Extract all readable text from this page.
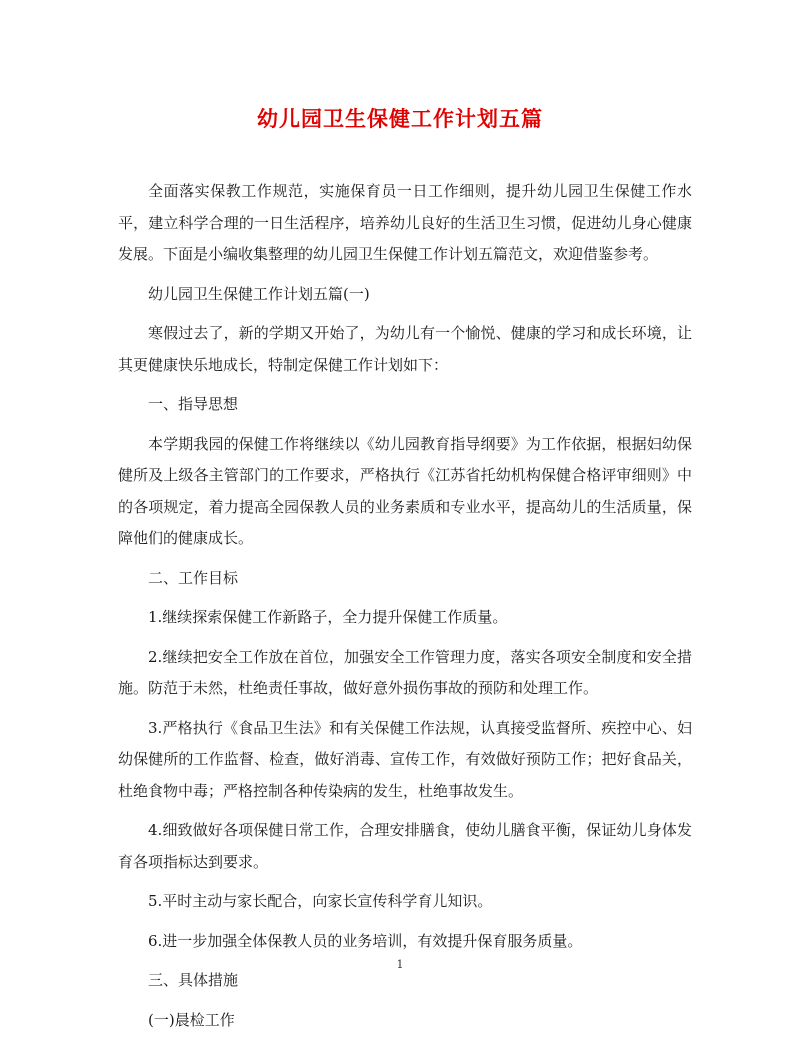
幼儿园卫生保健工作计划五篇

全面落实保教工作规范，实施保育员一日工作细则，提升幼儿园卫生保健工作水平，建立科学合理的一日生活程序，培养幼儿良好的生活卫生习惯，促进幼儿身心健康发展。下面是小编收集整理的幼儿园卫生保健工作计划五篇范文，欢迎借鉴参考。

幼儿园卫生保健工作计划五篇(一)

寒假过去了，新的学期又开始了，为幼儿有一个愉悦、健康的学习和成长环境，让其更健康快乐地成长，特制定保健工作计划如下：

一、指导思想

本学期我园的保健工作将继续以《幼儿园教育指导纲要》为工作依据，根据妇幼保健所及上级各主管部门的工作要求，严格执行《江苏省托幼机构保健合格评审细则》中的各项规定，着力提高全园保教人员的业务素质和专业水平，提高幼儿的生活质量，保障他们的健康成长。

二、工作目标

1.继续探索保健工作新路子，全力提升保健工作质量。

2.继续把安全工作放在首位，加强安全工作管理力度，落实各项安全制度和安全措施。防范于未然，杜绝责任事故，做好意外损伤事故的预防和处理工作。

3.严格执行《食品卫生法》和有关保健工作法规，认真接受监督所、疾控中心、妇幼保健所的工作监督、检查，做好消毒、宣传工作，有效做好预防工作；把好食品关，杜绝食物中毒；严格控制各种传染病的发生，杜绝事故发生。

4.细致做好各项保健日常工作，合理安排膳食，使幼儿膳食平衡，保证幼儿身体发育各项指标达到要求。

5.平时主动与家长配合，向家长宣传科学育儿知识。

6.进一步加强全体保教人员的业务培训，有效提升保育服务质量。

三、具体措施

(一)晨检工作

1
